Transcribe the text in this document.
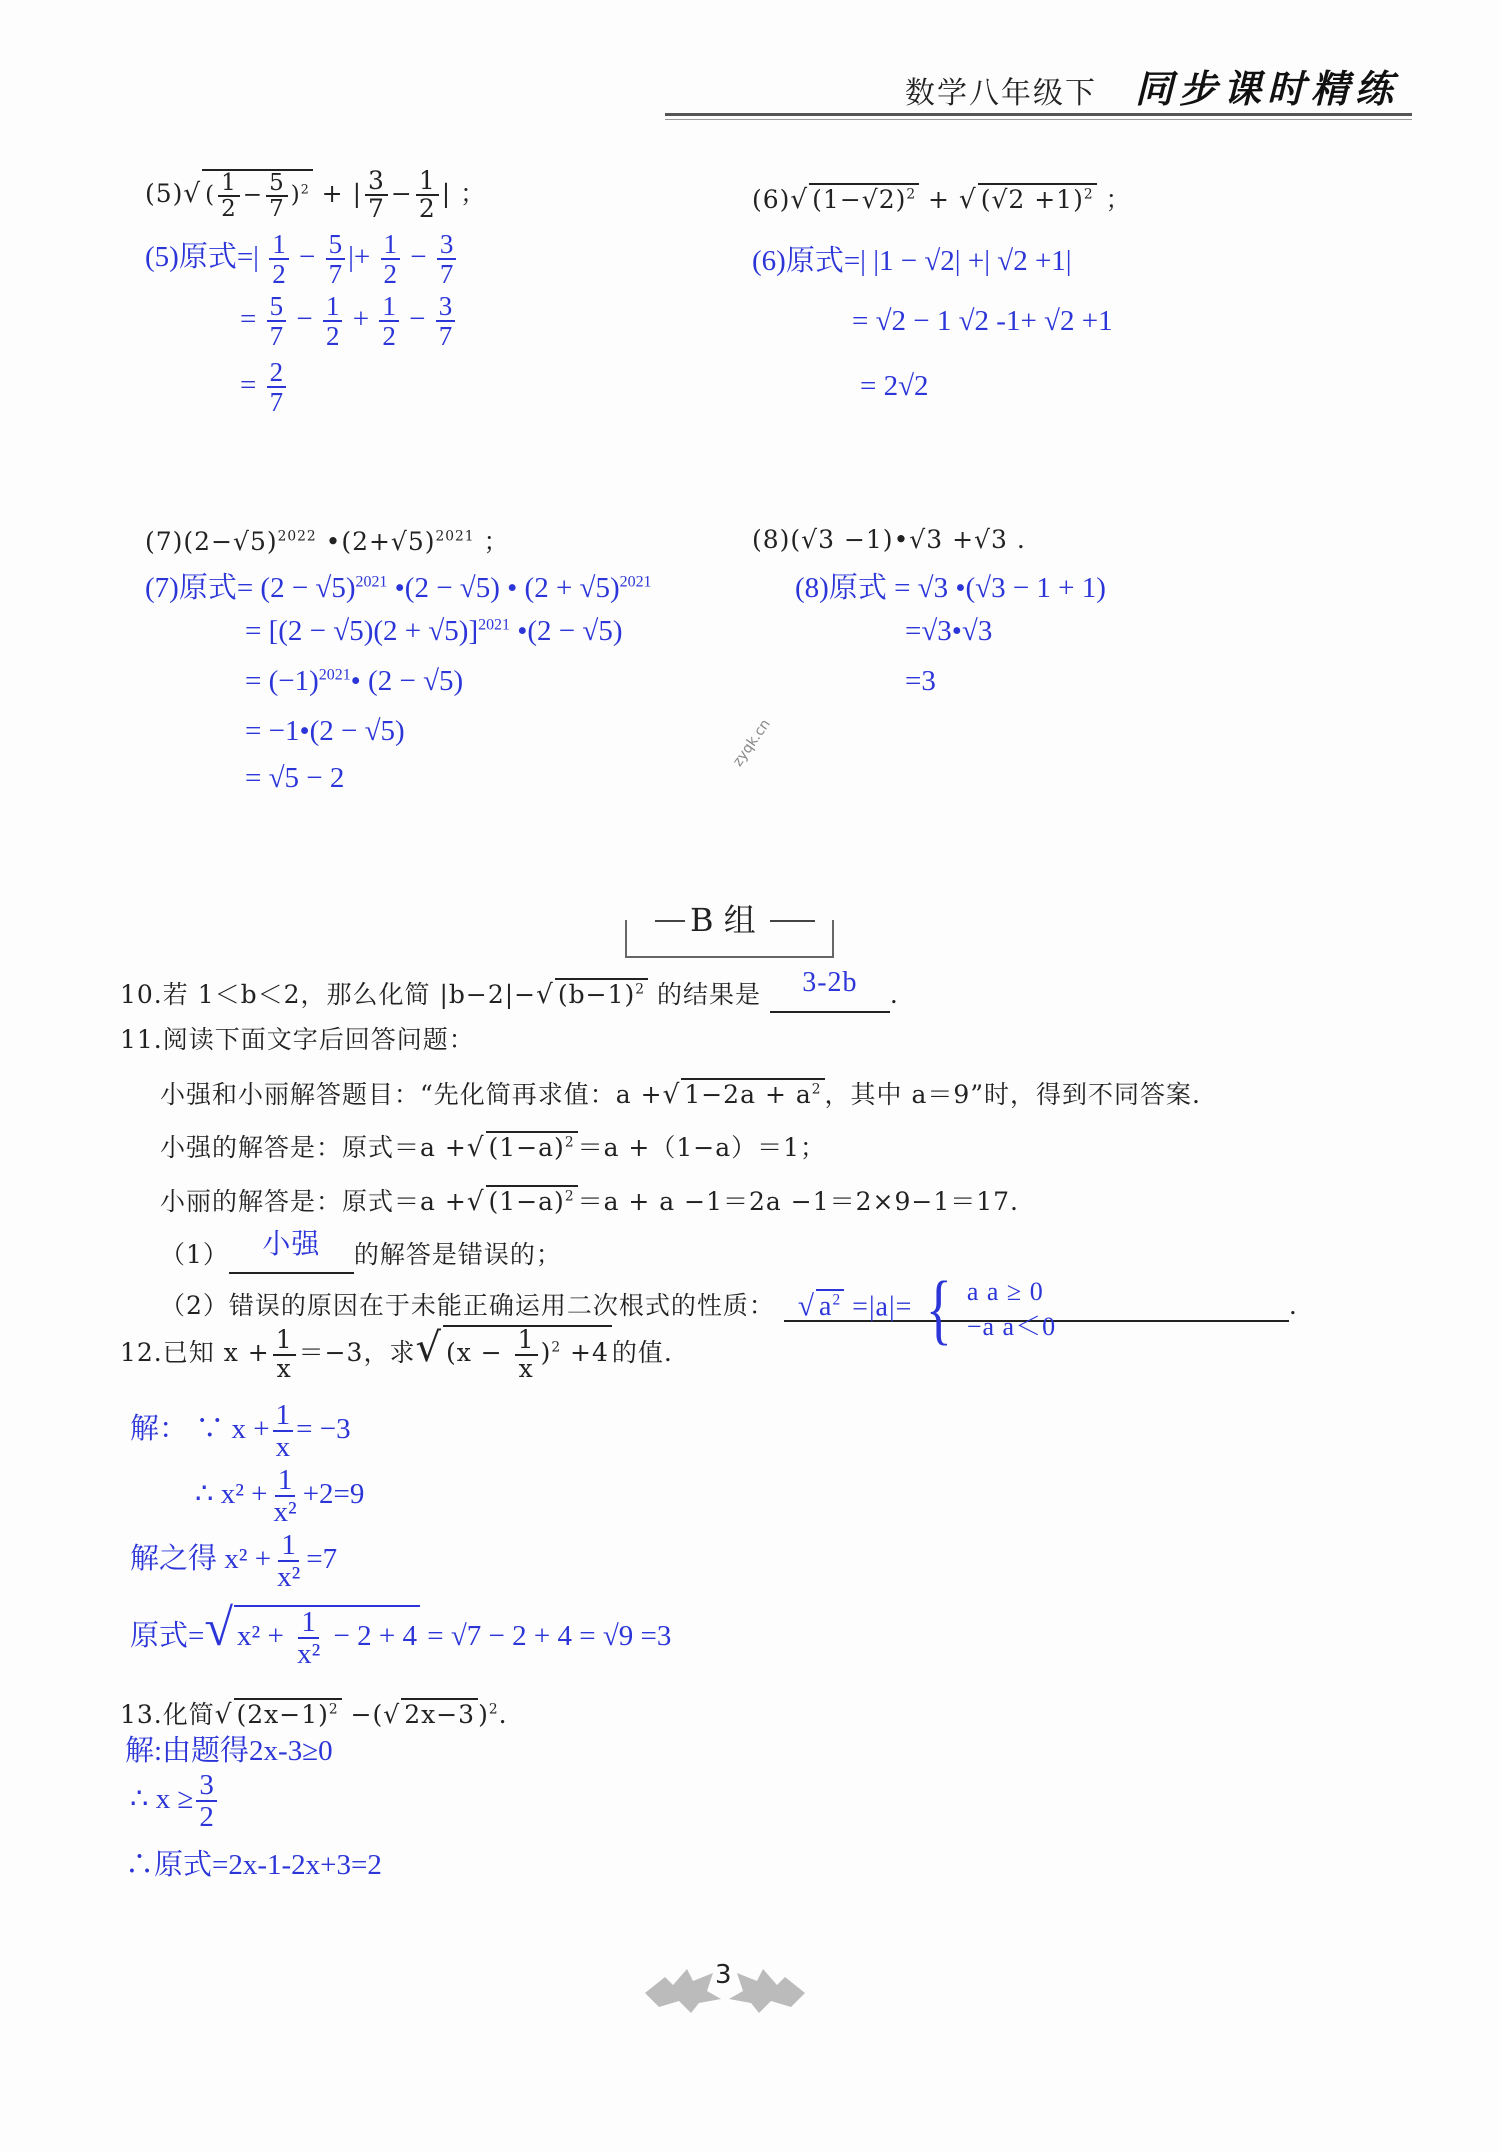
数学八年级下 同步课时精练
(5)√ ( $\frac{1}{2} - \frac{5}{7} )^2$ + | $\frac{3}{7} - \frac{1}{2}$ | ；
(5)原式=| $\frac{1}{2} - \frac{5}{7}$ |+ $\frac{1}{2} - \frac{3}{7}$
= $\frac{5}{7} - \frac{1}{2} + \frac{1}{2} - \frac{3}{7}$
= $\frac{2}{7}$
(6)√ $(1-√2)^2$ + √ $(√2 +1)^2$ ；
(6)原式=| |1 − √2| +| √2 +1|
= √2 − 1 √2 -1+ √2 +1
= 2√2
$(7)(2-√5)^{2022}$ $•(2+√5)^{2021}$ ；
(7)原式= $(2 - √5)^{2021}$ •(2 − √5) • $(2 + √5)^{2021}$
= $[(2 - √5)(2 + √5)]^{2021}$ •(2 − √5)
= $(-1)^{2021}•$ (2 − √5)
= −1•(2 − √5)
= √5 − 2
(8)(√3 −1)•√3 +√3 .
(8)原式 = √3 •(√3 − 1 + 1)
=√3•√3
=3
zyqk.cn
B 组
10.若 1＜b＜2，那么化简 |b−2|−√ $(b-1)^2$ 的结果是 3-2b .
11.阅读下面文字后回答问题：
小强和小丽解答题目：“先化简再求值：a +√ $1-2a + a^2$ ，其中 a＝9”时，得到不同答案.
小强的解答是：原式＝a +√ $(1-a)^2 =a +(1-a)=1$；
小丽的解答是：原式＝a +√ $(1-a)^2 =a + a -1=2a -1=2\times 9-1=17$.
（1） 小强 的解答是错误的；
（2）错误的原因在于未能正确运用二次根式的性质： √ $a^2 =|a|=$ { a a ≥ 0
−a a＜0
.
12.已知 $x + \frac{1}{x} =-3$，求√ $(x - \frac{1}{x} )^2 +4$ 的值.
解： ∵ $x + \frac{1}{x} = -3$
∴ $x^2 + \frac{1}{\text{x²}} +2=9$
解之得 $x^2 + \frac{1}{\text{x²}} =7$
原式=√ $x^2 + \frac{1}{\text{x²}} - 2 + 4 = √7 - 2 + 4 = √9 =3$
13.化简√ $(2x-1)^2$ −(√ 2x−3 )$^2$.
解:由题得2x-3≥0
∴ $x \ge \frac{3}{2}$
∴原式=2x-1-2x+3=2
3
